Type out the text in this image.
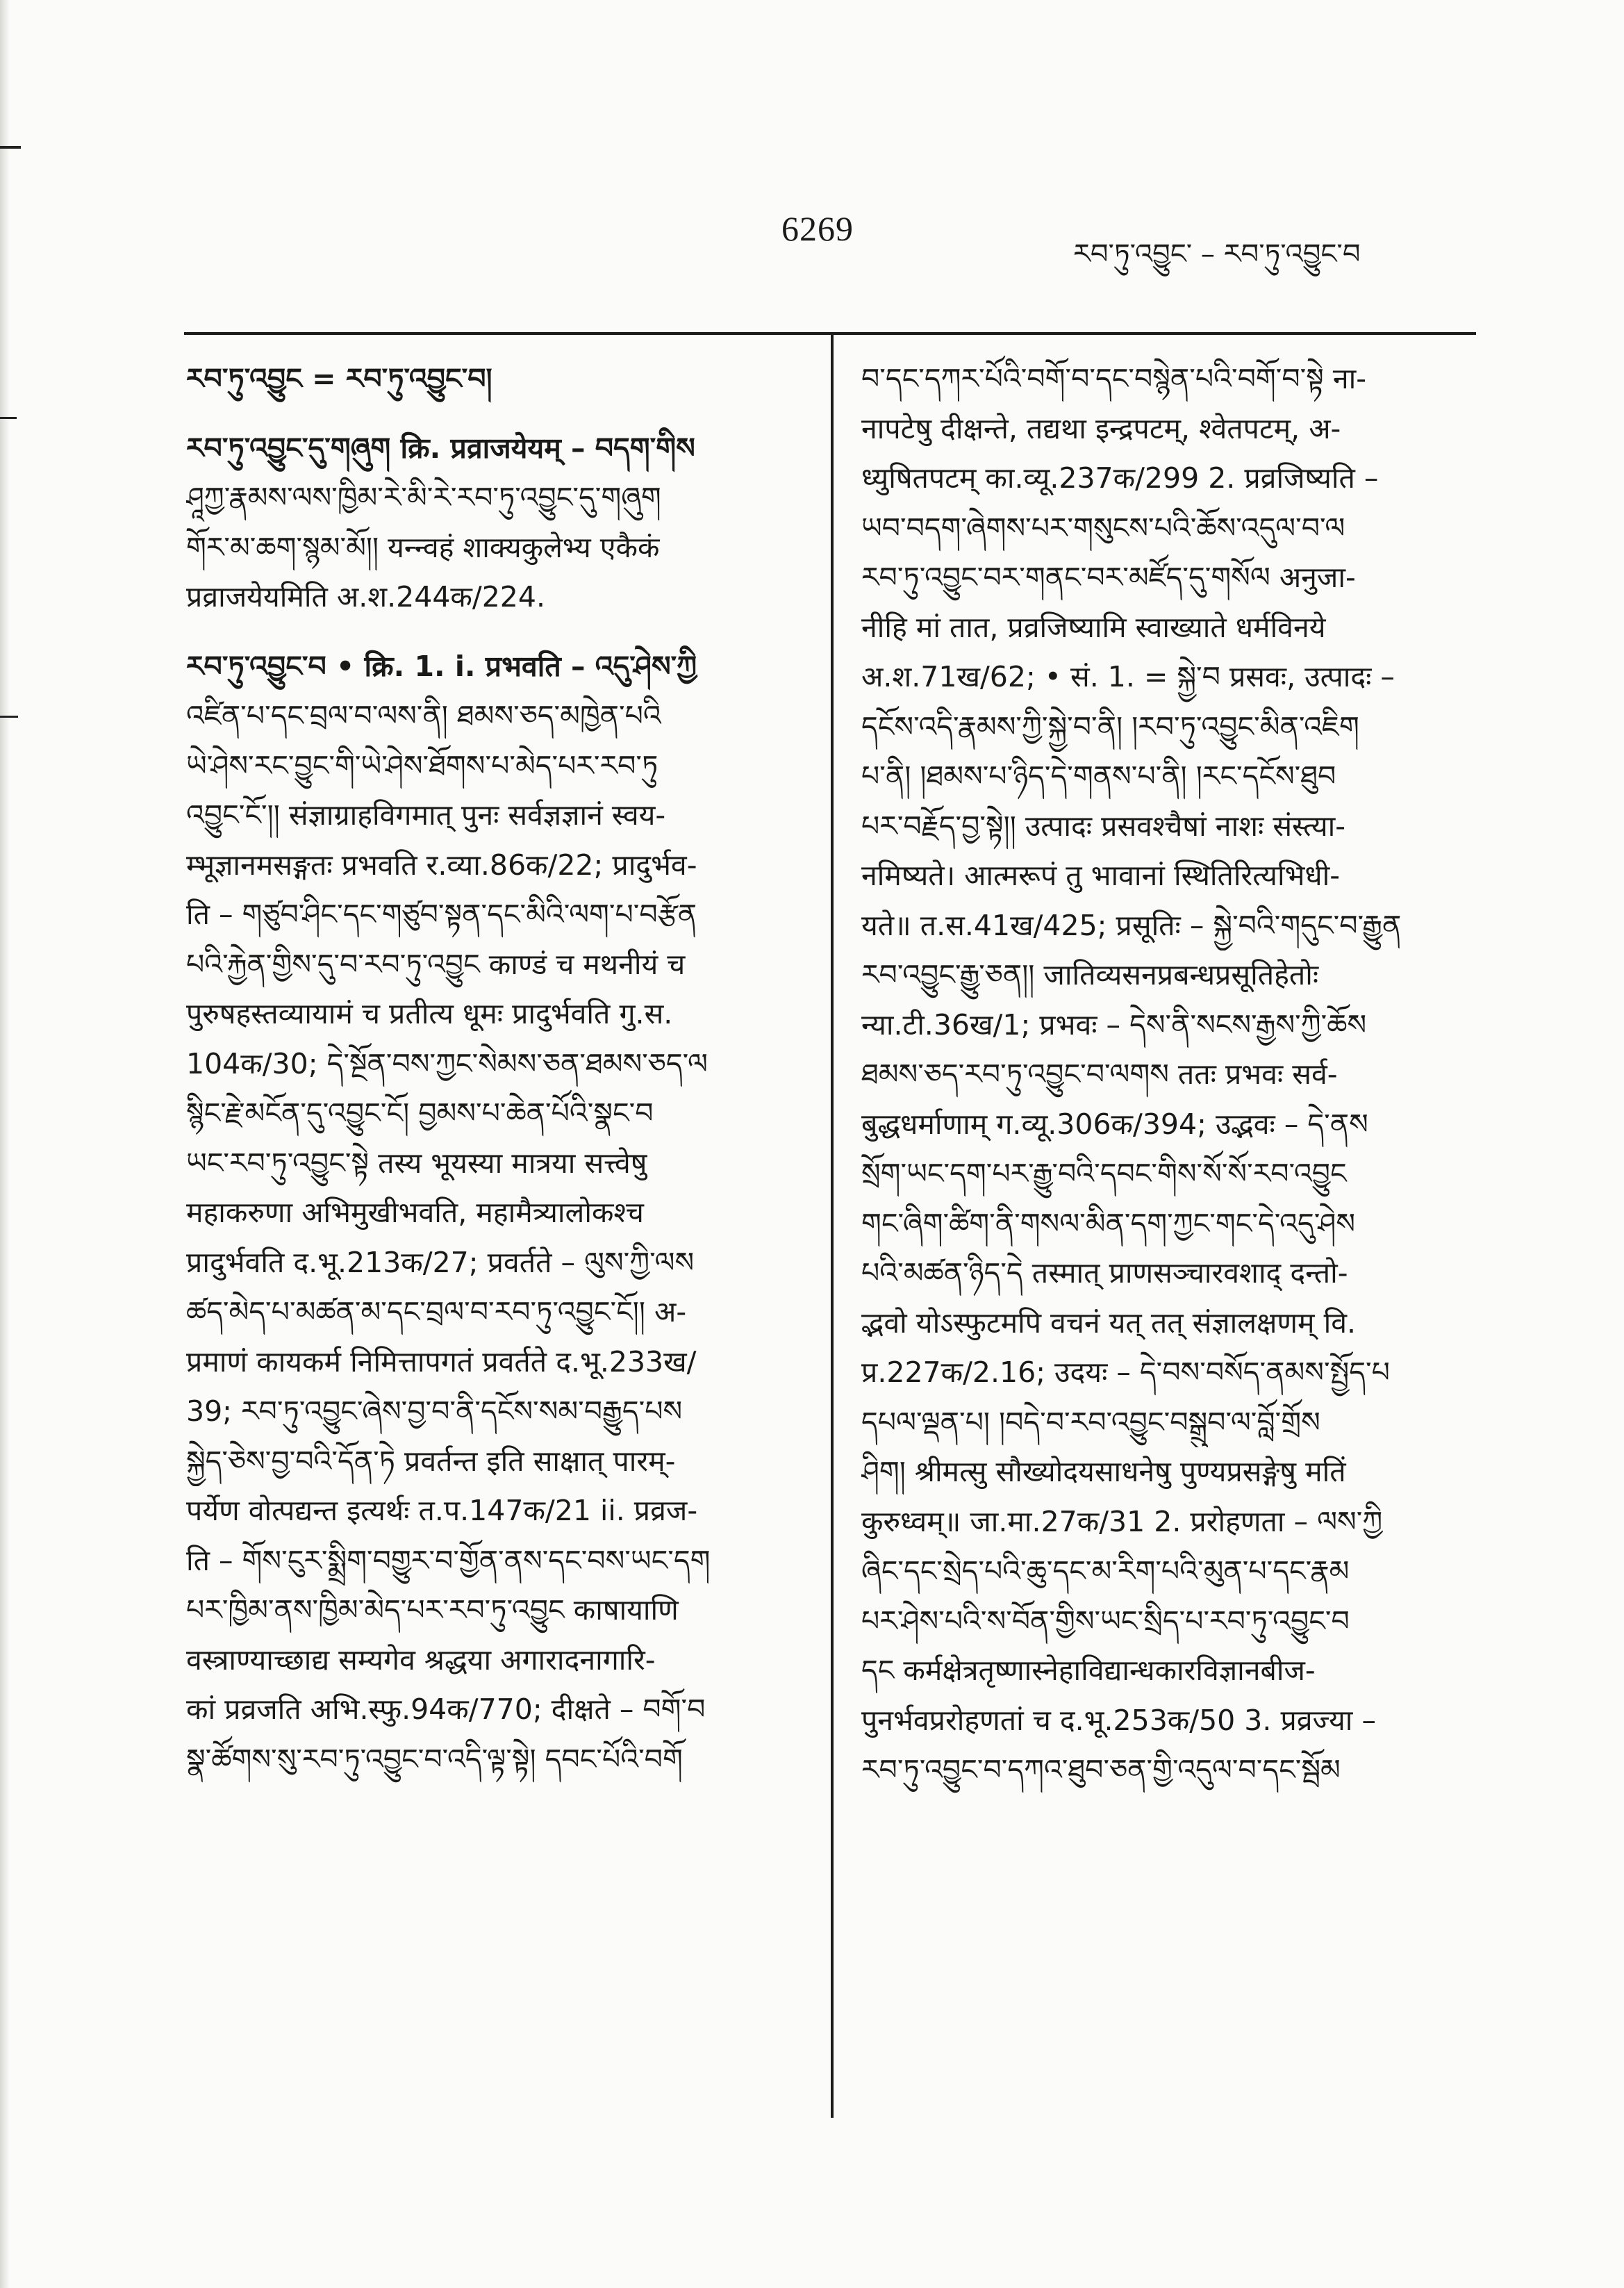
6269
རབ་ཏུ་འབྱུང་ – རབ་ཏུ་འབྱུང་བ
རབ་ཏུ་འབྱུང = རབ་ཏུ་འབྱུང་བ།
རབ་ཏུ་འབྱུང་དུ་གཞུག क्रि. प्रव्राजयेयम् – བདག་གིས
ཤཱཀྱ་རྣམས་ལས་ཁྱིམ་རེ་མི་རེ་རབ་ཏུ་འབྱུང་དུ་གཞུག
གོར་མ་ཆག་སྙམ་མོ།། यन्न्वहं शाक्यकुलेभ्य एकैकं
प्रव्राजयेयमिति अ.श.244क/224.
རབ་ཏུ་འབྱུང་བ • क्रि. 1. i. प्रभवति – འདུ་ཤེས་ཀྱི
འཛིན་པ་དང་བྲལ་བ་ལས་ནི། ཐམས་ཅད་མཁྱེན་པའི
ཡེ་ཤེས་རང་བྱུང་གི་ཡེ་ཤེས་ཐོགས་པ་མེད་པར་རབ་ཏུ
འབྱུང་ངོ༌།། संज्ञाग्राहविगमात् पुनः सर्वज्ञज्ञानं स्वय-
म्भूज्ञानमसङ्गतः प्रभवति र.व्या.86क/22; प्रादुर्भव-
ति – གཙུབ་ཤིང་དང་གཙུབ་སྟན་དང་མིའི་ལག་པ་བརྩོན
པའི་རྐྱེན་གྱིས་དུ་བ་རབ་ཏུ་འབྱུང काण्डं च मथनीयं च
पुरुषहस्तव्यायामं च प्रतीत्य धूमः प्रादुर्भवति गु.स.
104क/30; དེ་སྔོན་བས་ཀྱང་སེམས་ཅན་ཐམས་ཅད་ལ
སྙིང་རྗེ་མངོན་དུ་འབྱུང་ངོ། བྱམས་པ་ཆེན་པོའི་སྣང་བ
ཡང་རབ་ཏུ་འབྱུང་སྟེ तस्य भूयस्या मात्रया सत्त्वेषु
महाकरुणा अभिमुखीभवति, महामैत्र्यालोकश्च
प्रादुर्भवति द.भू.213क/27; प्रवर्तते – ལུས་ཀྱི་ལས
ཚད་མེད་པ་མཚན་མ་དང་བྲལ་བ་རབ་ཏུ་འབྱུང་ངོ།། अ-
प्रमाणं कायकर्म निमित्तापगतं प्रवर्तते द.भू.233ख/
39; རབ་ཏུ་འབྱུང་ཞེས་བྱ་བ་ནི་དངོས་སམ་བརྒྱུད་པས
སྐྱེད་ཅེས་བྱ་བའི་དོན་ཏེ प्रवर्तन्त इति साक्षात् पारम्-
पर्येण वोत्पद्यन्त इत्यर्थः त.प.147क/21 ii. प्रव्रज-
ति – གོས་ངུར་སྨྲིག་བགྱུར་བ་གྱོན་ནས་དང་བས་ཡང་དག
པར་ཁྱིམ་ནས་ཁྱིམ་མེད་པར་རབ་ཏུ་འབྱུང काषायाणि
वस्त्राण्याच्छाद्य सम्यगेव श्रद्धया अगारादनागारि-
कां प्रव्रजति अभि.स्फु.94क/770; दीक्षते – བགོ་བ
སྣ་ཚོགས་སུ་རབ་ཏུ་འབྱུང་བ་འདི་ལྟ་སྟེ། དབང་པོའི་བགོ
བ་དང་དཀར་པོའི་བགོ་བ་དང་བསྙེན་པའི་བགོ་བ་སྟེ ना-
नापटेषु दीक्षन्ते, तद्यथा इन्द्रपटम्, श्वेतपटम्, अ-
ध्युषितपटम् का.व्यू.237क/299 2. प्रव्रजिष्यति –
ཡབ་བདག་ཞེགས་པར་གསུངས་པའི་ཆོས་འདུལ་བ་ལ
རབ་ཏུ་འབྱུང་བར་གནང་བར་མཛོད་དུ་གསོལ अनुजा-
नीहि मां तात, प्रव्रजिष्यामि स्वाख्याते धर्मविनये
अ.श.71ख/62; • सं. 1. = སྐྱེ་བ प्रसवः, उत्पादः –
དངོས་འདི་རྣམས་ཀྱི་སྐྱེ་བ་ནི། །རབ་ཏུ་འབྱུང་མིན་འཇིག
པ་ནི། །ཐམས་པ་ཉིད་དེ་གནས་པ་ནི། །རང་དངོས་ཐུབ
པར་བརྗོད་བྱ་སྟེ།། उत्पादः प्रसवश्चैषां नाशः संस्त्या-
नमिष्यते। आत्मरूपं तु भावानां स्थितिरित्यभिधी-
यते॥ त.स.41ख/425; प्रसूतिः – སྐྱེ་བའི་གདུང་བ་རྒྱུན
རབ་འབྱུང་རྒྱུ་ཅན།། जातिव्यसनप्रबन्धप्रसूतिहेतोः
न्या.टी.36ख/1; प्रभवः – དེས་ནི་སངས་རྒྱས་ཀྱི་ཆོས
ཐམས་ཅད་རབ་ཏུ་འབྱུང་བ་ལགས ततः प्रभवः सर्व-
बुद्धधर्माणाम् ग.व्यू.306क/394; उद्भवः – དེ་ནས
སྲོག་ཡང་དག་པར་རྒྱུ་བའི་དབང་གིས་སོ་སོ་རབ་འབྱུང
གང་ཞིག་ཚིག་ནི་གསལ་མིན་དག་ཀྱང་གང་དེ་འདུ་ཤེས
པའི་མཚན་ཉིད་དེ तस्मात् प्राणसञ्चारवशाद् दन्तो-
द्भवो योऽस्फुटमपि वचनं यत् तत् संज्ञालक्षणम् वि.
प्र.227क/2.16; उदयः – དེ་བས་བསོད་ནམས་སྤྱོད་པ
དཔལ་ལྡན་པ། །བདེ་བ་རབ་འབྱུང་བསྒྲུབ་ལ་བློ་གྲོས
ཤིག། श्रीमत्सु सौख्योदयसाधनेषु पुण्यप्रसङ्गेषु मतिं
कुरुध्वम्॥ जा.मा.27क/31 2. प्ररोहणता – ལས་ཀྱི
ཞིང་དང་སྲེད་པའི་ཆུ་དང་མ་རིག་པའི་མུན་པ་དང་རྣམ
པར་ཤེས་པའི་ས་བོན་གྱིས་ཡང་སྲིད་པ་རབ་ཏུ་འབྱུང་བ
དང कर्मक्षेत्रतृष्णास्नेहाविद्यान्धकारविज्ञानबीज-
पुनर्भवप्ररोहणतां च द.भू.253क/50 3. प्रव्रज्या –
རབ་ཏུ་འབྱུང་བ་དཀའ་ཐུབ་ཅན་གྱི་འདུལ་བ་དང་སྦོམ
